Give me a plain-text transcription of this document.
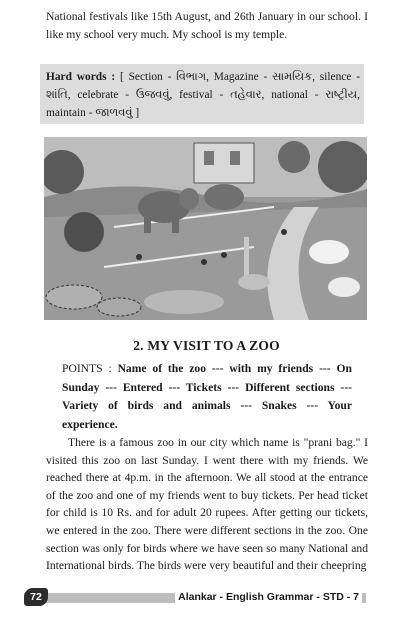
National festivals like 15th August, and 26th January in our school. I like my school very much. My school is my temple.

Hard words : [ Section - વિભાગ, Magazine - સામયિક, silence - શાંતિ, celebrate - ઉજવવું, festival - તહેવાર, national - રાષ્ટ્રીય, maintain - જાળવવું ]
2. MY VISIT TO A ZOO

POINTS : Name of the zoo --- with my friends --- On Sunday --- Entered --- Tickets --- Different sections --- Variety of birds and animals --- Snakes --- Your experience.

There is a famous zoo in our city which name is "prani bag." I visited this zoo on last Sunday. I went there with my friends. We reached there at 4p.m. in the afternoon. We all stood at the entrance of the zoo and one of my friends went to buy tickets. Per head ticket for child is 10 Rs. and for adult 20 rupees. After getting our tickets, we entered in the zoo. There were different sections in the zoo. One section was only for birds where we have seen so many National and International birds. The birds were very beautiful and their cheepring

72	Alankar - English Grammar - STD - 7
